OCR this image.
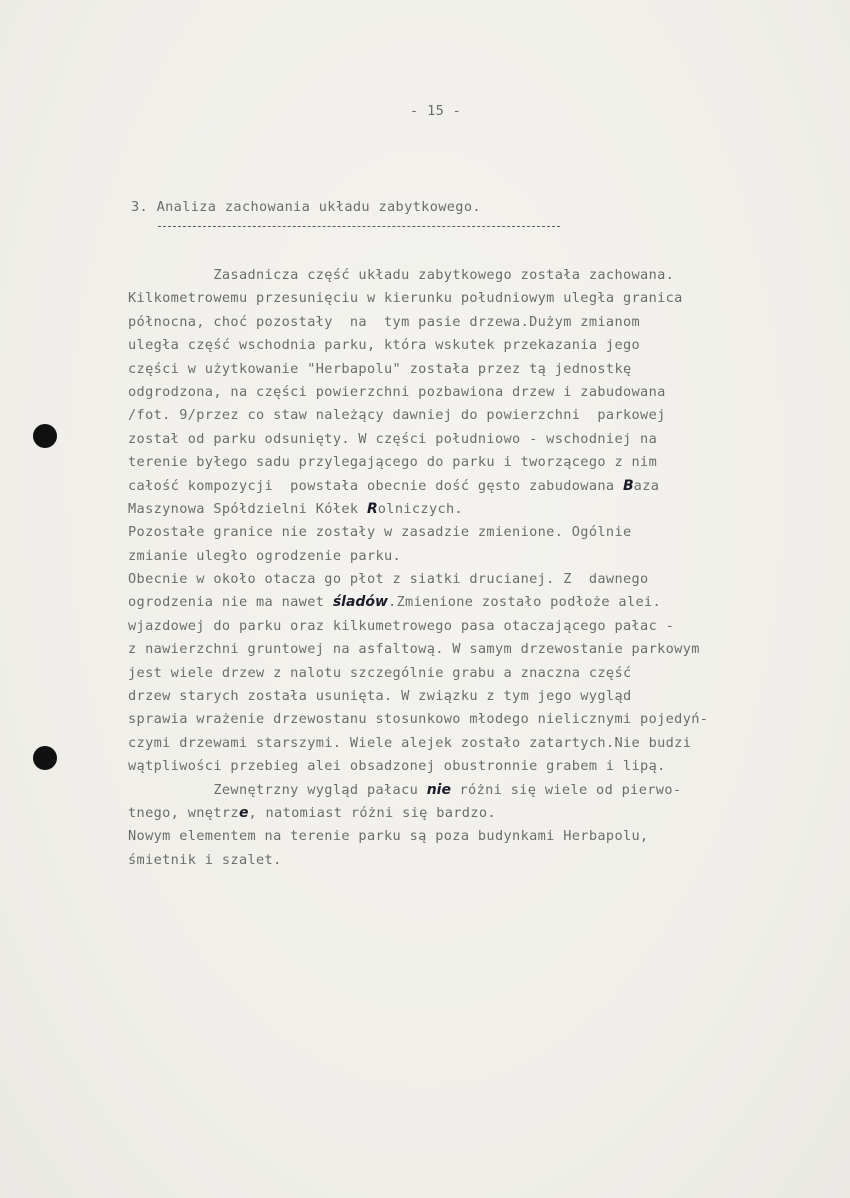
- 15 -
3. Analiza zachowania układu zabytkowego.
Zasadnicza część układu zabytkowego została zachowana.
Kilkometrowemu przesunięciu w kierunku południowym uległa granica
północna, choć pozostały  na  tym pasie drzewa.Dużym zmianom
uległa część wschodnia parku, która wskutek przekazania jego
części w użytkowanie "Herbapolu" została przez tą jednostkę
odgrodzona, na części powierzchni pozbawiona drzew i zabudowana
/fot. 9/przez co staw należący dawniej do powierzchni  parkowej
został od parku odsunięty. W części południowo - wschodniej na
terenie byłego sadu przylegającego do parku i tworzącego z nim
całość kompozycji  powstała obecnie dość gęsto zabudowana Baza
Maszynowa Spółdzielni Kółek Rolniczych.
Pozostałe granice nie zostały w zasadzie zmienione. Ogólnie
zmianie uległo ogrodzenie parku.
Obecnie w około otacza go płot z siatki drucianej. Z  dawnego
ogrodzenia nie ma nawet śladów.Zmienione zostało podłoże alei.
wjazdowej do parku oraz kilkumetrowego pasa otaczającego pałac -
z nawierzchni gruntowej na asfaltową. W samym drzewostanie parkowym
jest wiele drzew z nalotu szczególnie grabu a znaczna część
drzew starych została usunięta. W związku z tym jego wygląd
sprawia wrażenie drzewostanu stosunkowo młodego nielicznymi pojedyń-
czymi drzewami starszymi. Wiele alejek zostało zatartych.Nie budzi
wątpliwości przebieg alei obsadzonej obustronnie grabem i lipą.
Zewnętrzny wygląd pałacu nie różni się wiele od pierwo-
tnego, wnętrze, natomiast różni się bardzo.
Nowym elementem na terenie parku są poza budynkami Herbapolu,
śmietnik i szalet.
